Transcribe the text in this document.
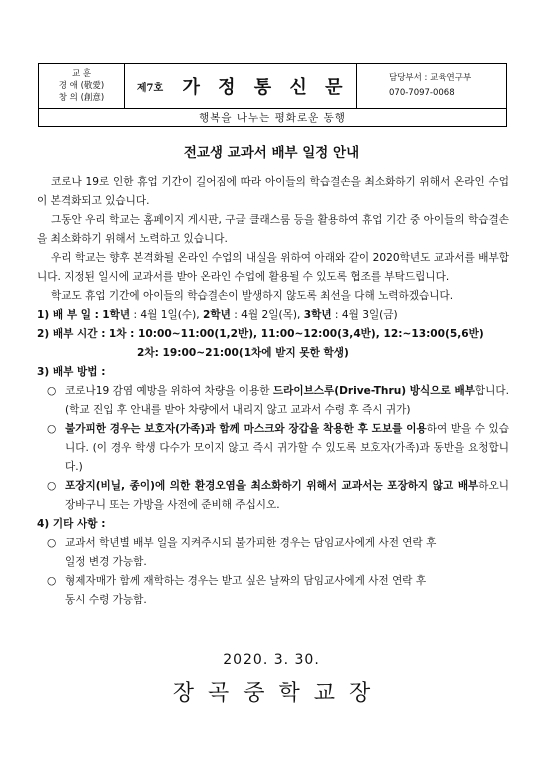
교 훈
경 애 (敬愛)
창 의 (創意)
제7호	가 정 통 신 문	담당부서 : 교육연구부
070-7097-0068
행복을 나누는 평화로운 동행
전교생 교과서 배부 일정 안내

코로나 19로 인한 휴업 기간이 길어짐에 따라 아이들의 학습결손을 최소화하기 위해서 온라인 수업이 본격화되고 있습니다.

그동안 우리 학교는 홈페이지 게시판, 구글 클래스룸 등을 활용하여 휴업 기간 중 아이들의 학습결손을 최소화하기 위해서 노력하고 있습니다.

우리 학교는 향후 본격화될 온라인 수업의 내실을 위하여 아래와 같이 2020학년도 교과서를 배부합니다. 지정된 일시에 교과서를 받아 온라인 수업에 활용될 수 있도록 협조를 부탁드립니다.

학교도 휴업 기간에 아이들의 학습결손이 발생하지 않도록 최선을 다해 노력하겠습니다.

1) 배 부 일 : 1학년 : 4월 1일(수), 2학년 : 4월 2일(목), 3학년 : 4월 3일(금)
2) 배부 시간 : 1차 : 10:00~11:00(1,2반), 11:00~12:00(3,4반), 12:~13:00(5,6반)
2차: 19:00~21:00(1차에 받지 못한 학생)
3) 배부 방법 :
○ 코로나19 감염 예방을 위하여 차량을 이용한 드라이브스루(Drive-Thru) 방식으로 배부합니다.(학교 진입 후 안내를 받아 차량에서 내리지 않고 교과서 수령 후 즉시 귀가)
○ 불가피한 경우는 보호자(가족)과 함께 마스크와 장갑을 착용한 후 도보를 이용하여 받을 수 있습니다. (이 경우 학생 다수가 모이지 않고 즉시 귀가할 수 있도록 보호자(가족)과 동반을 요청합니다.)
○ 포장지(비닐, 종이)에 의한 환경오염을 최소화하기 위해서 교과서는 포장하지 않고 배부하오니 장바구니 또는 가방을 사전에 준비해 주십시오.
4) 기타 사항 :
○ 교과서 학년별 배부 일을 지켜주시되 불가피한 경우는 담임교사에게 사전 연락 후
일정 변경 가능함.
○ 형제자매가 함께 재학하는 경우는 받고 싶은 날짜의 담임교사에게 사전 연락 후
동시 수령 가능함.
2020. 3. 30.
장곡중학교장
